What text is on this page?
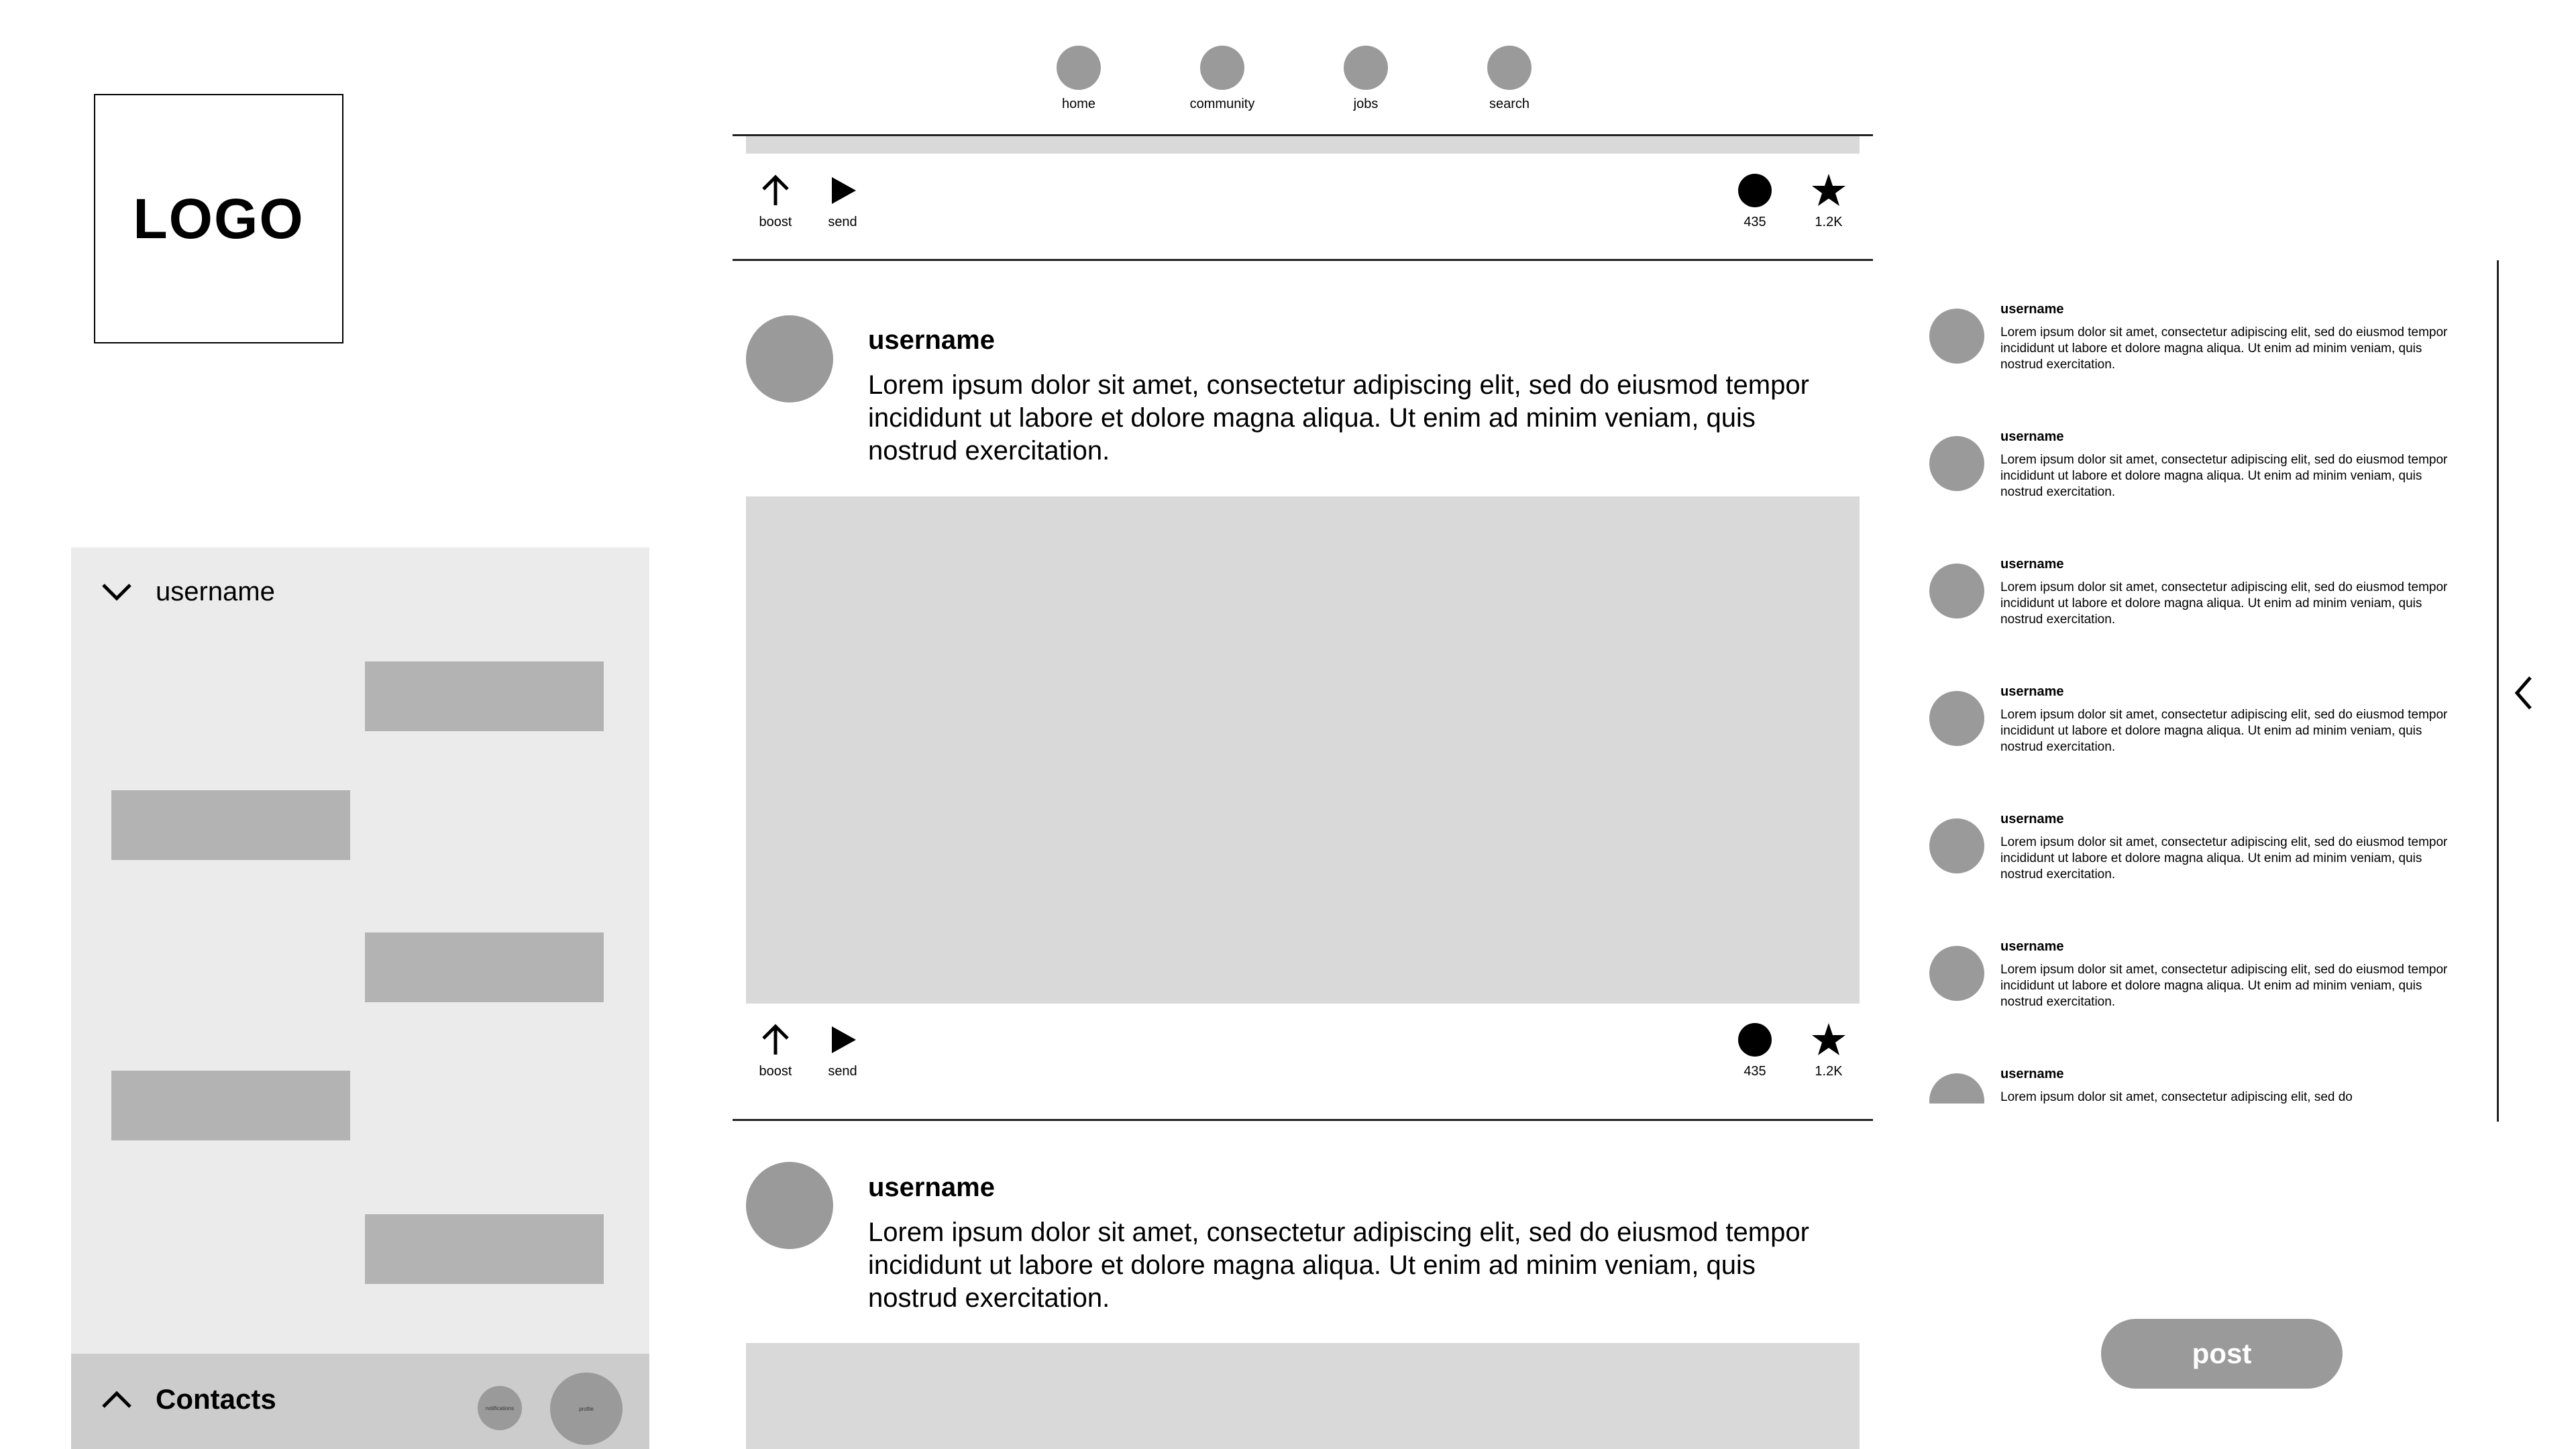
LOGO
home	community	jobs	search
boost	send	435	1.2K
username
Lorem ipsum dolor sit amet, consectetur adipiscing elit, sed do eiusmod tempor incididunt ut labore et dolore magna aliqua. Ut enim ad minim veniam, quis nostrud exercitation.
boost	send	435	1.2K
username
Lorem ipsum dolor sit amet, consectetur adipiscing elit, sed do eiusmod tempor incididunt ut labore et dolore magna aliqua. Ut enim ad minim veniam, quis nostrud exercitation.
username
Contacts	notifications	profile
username
Lorem ipsum dolor sit amet, consectetur adipiscing elit, sed do eiusmod tempor incididunt ut labore et dolore magna aliqua. Ut enim ad minim veniam, quis nostrud exercitation.
username
Lorem ipsum dolor sit amet, consectetur adipiscing elit, sed do eiusmod tempor incididunt ut labore et dolore magna aliqua. Ut enim ad minim veniam, quis nostrud exercitation.
username
Lorem ipsum dolor sit amet, consectetur adipiscing elit, sed do eiusmod tempor incididunt ut labore et dolore magna aliqua. Ut enim ad minim veniam, quis nostrud exercitation.
username
Lorem ipsum dolor sit amet, consectetur adipiscing elit, sed do eiusmod tempor incididunt ut labore et dolore magna aliqua. Ut enim ad minim veniam, quis nostrud exercitation.
username
Lorem ipsum dolor sit amet, consectetur adipiscing elit, sed do eiusmod tempor incididunt ut labore et dolore magna aliqua. Ut enim ad minim veniam, quis nostrud exercitation.
username
Lorem ipsum dolor sit amet, consectetur adipiscing elit, sed do eiusmod tempor incididunt ut labore et dolore magna aliqua. Ut enim ad minim veniam, quis nostrud exercitation.
username
Lorem ipsum dolor sit amet, consectetur adipiscing elit, sed do
post
